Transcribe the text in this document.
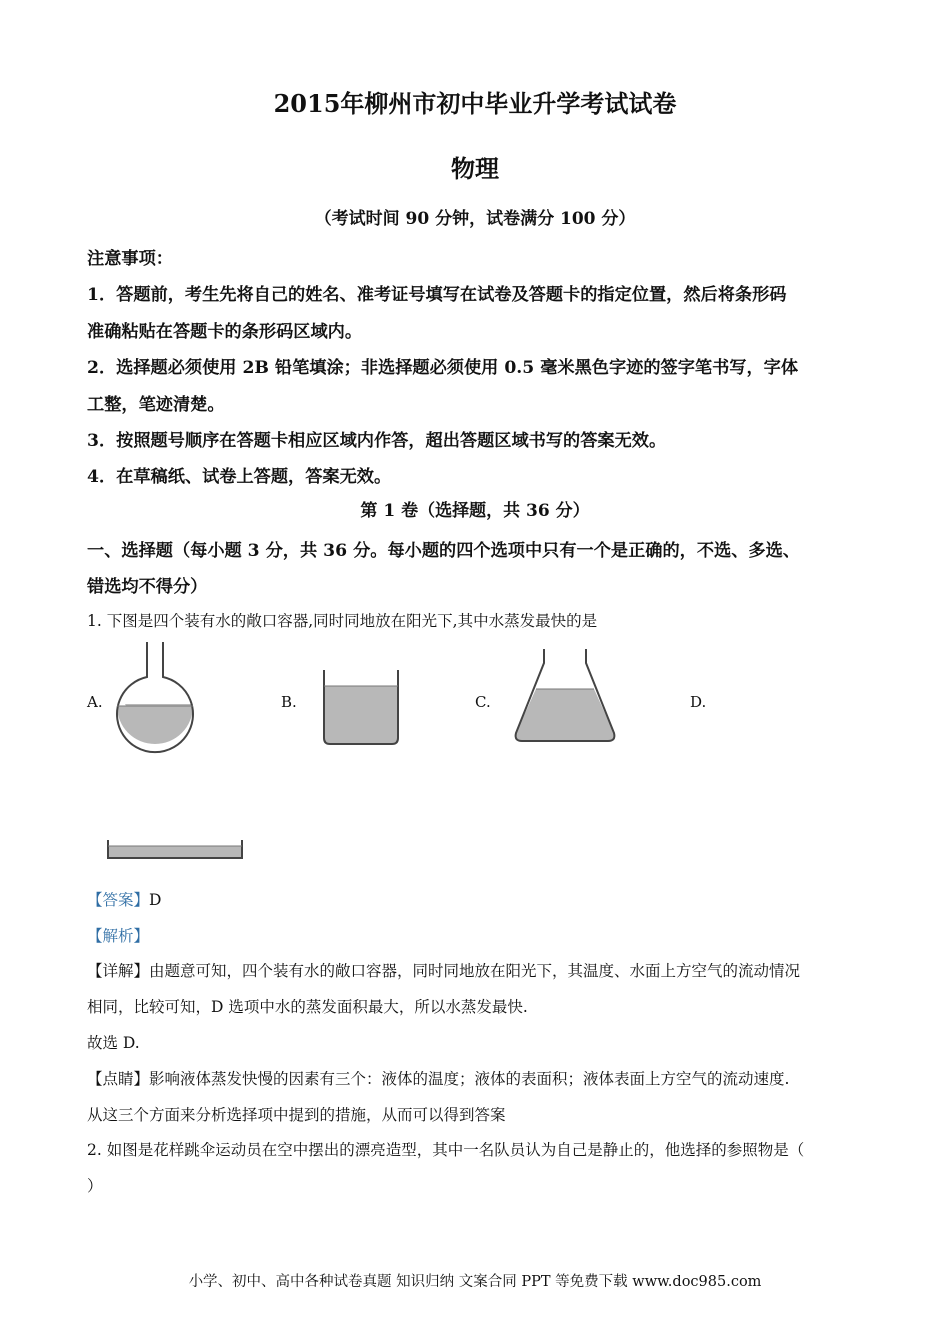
2015年柳州市初中毕业升学考试试卷
物理
（考试时间 90 分钟，试卷满分 100 分）
注意事项：
1．答题前，考生先将自己的姓名、准考证号填写在试卷及答题卡的指定位置，然后将条形码
准确粘贴在答题卡的条形码区域内。
2．选择题必须使用 2B 铅笔填涂；非选择题必须使用 0.5 毫米黑色字迹的签字笔书写，字体
工整，笔迹清楚。
3．按照题号顺序在答题卡相应区域内作答，超出答题区域书写的答案无效。
4．在草稿纸、试卷上答题，答案无效。
第 1 卷（选择题，共 36 分）
一、选择题（每小题 3 分，共 36 分。每小题的四个选项中只有一个是正确的，不选、多选、
错选均不得分）
1. 下图是四个装有水的敞口容器,同时同地放在阳光下,其中水蒸发最快的是
A.	B.	C.	D.
【答案】D
【解析】
【详解】由题意可知，四个装有水的敞口容器，同时同地放在阳光下，其温度、水面上方空气的流动情况
相同，比较可知，D 选项中水的蒸发面积最大，所以水蒸发最快.
故选 D.
【点睛】影响液体蒸发快慢的因素有三个：液体的温度；液体的表面积；液体表面上方空气的流动速度.
从这三个方面来分析选择项中提到的措施，从而可以得到答案
2. 如图是花样跳伞运动员在空中摆出的漂亮造型，其中一名队员认为自己是静止的，他选择的参照物是（
）
小学、初中、高中各种试卷真题 知识归纳 文案合同 PPT 等免费下载 www.doc985.com
